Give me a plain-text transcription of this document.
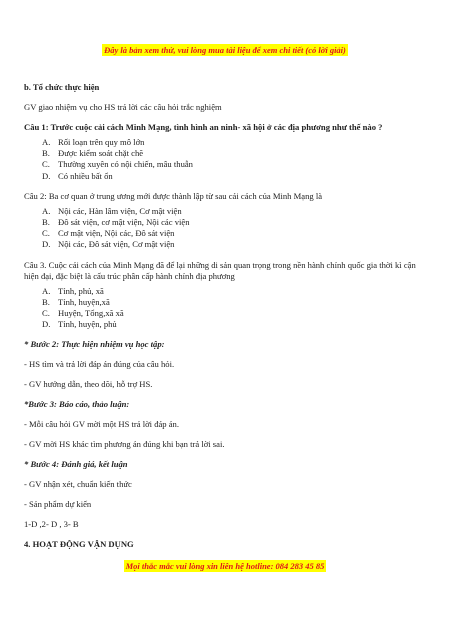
Đây là bản xem thử, vui lòng mua tài liệu để xem chi tiết (có lời giải)

b. Tổ chức thực hiện

GV giao nhiệm vụ cho HS trả lời các câu hỏi trắc nghiệm

Câu 1: Trước cuộc cải cách Minh Mạng, tình hình an ninh- xã hội ở các địa phương như thế nào ?

A. Rối loạn trên quy mô lớn
B. Được kiểm soát chặt chẽ
C. Thường xuyên có nội chiến, mâu thuẫn
D. Có nhiều bất ổn

Câu 2: Ba cơ quan ở trung ương mới được thành lập từ sau cải cách của Minh Mạng là

A. Nội các, Hàn lâm viện, Cơ mật viện
B. Đô sát viện, cơ mật viện, Nội các viện
C. Cơ mật viện, Nội các, Đô sát viện
D. Nội các, Đô sát viện, Cơ mật viện

Câu 3. Cuộc cải cách của Minh Mạng đã để lại những di sản quan trọng trong nền hành chính quốc gia thời kì cận hiện đại, đặc biệt là cấu trúc phân cấp hành chính địa phương

A. Tỉnh, phủ, xã
B. Tỉnh, huyện,xã
C. Huyện, Tổng,xã xã
D. Tỉnh, huyện, phủ

* Bước 2: Thực hiện nhiệm vụ học tập:

- HS tìm và trả lời đáp án đúng của câu hỏi.

- GV hướng dẫn, theo dõi, hỗ trợ HS.

*Bước 3: Báo cáo, thảo luận:

- Mỗi câu hỏi GV mời một HS trả lời đáp án.

- GV mời HS khác tìm phương án đúng khi bạn trả lời sai.

* Bước 4: Đánh giá, kết luận

- GV nhận xét, chuẩn kiến thức

- Sản phẩm dự kiến

1-D ,2- D , 3- B

4. HOẠT ĐỘNG VẬN DỤNG

Mọi thắc mắc vui lòng xin liên hệ hotline: 084 283 45 85
